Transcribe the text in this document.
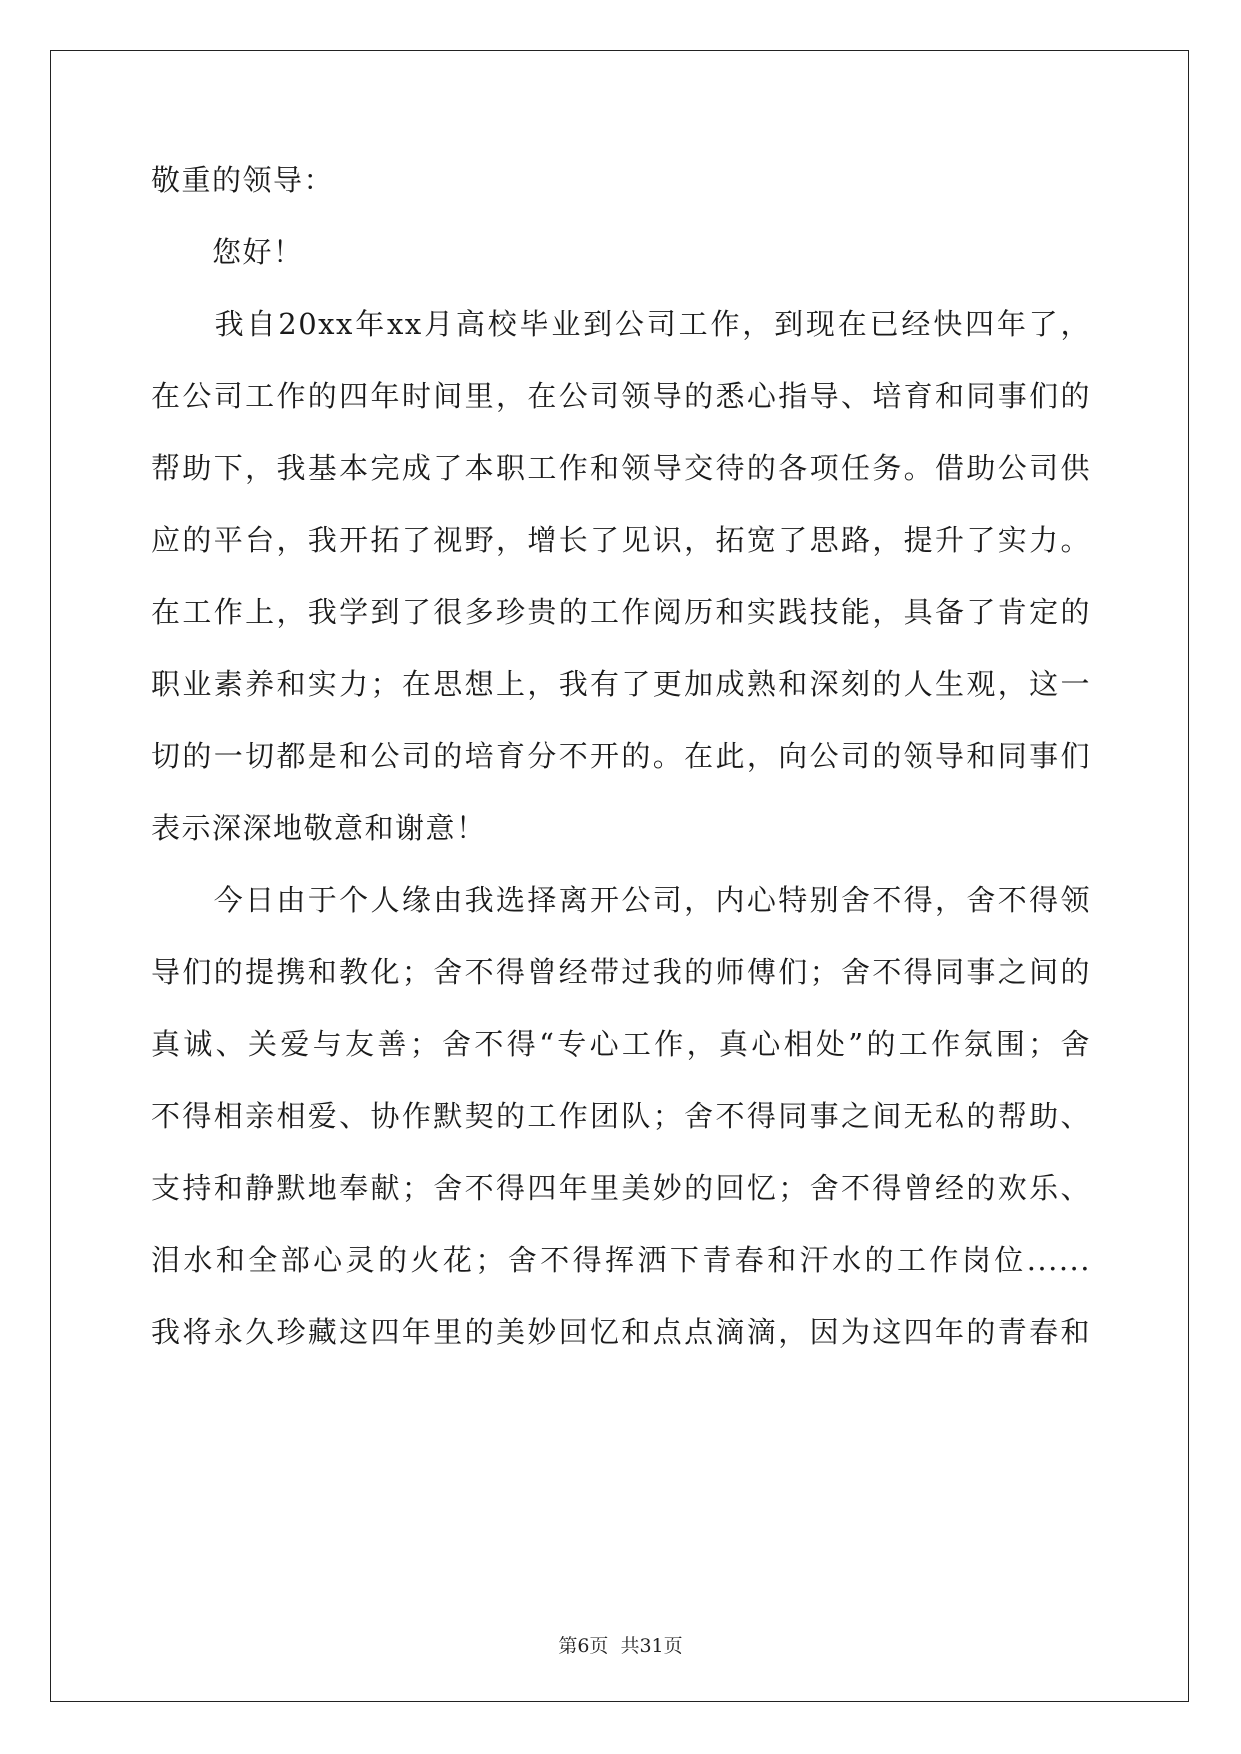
敬重的领导：
　　您好！
　　我自20xx年xx月高校毕业到公司工作，到现在已经快四年了，
在公司工作的四年时间里，在公司领导的悉心指导、培育和同事们的
帮助下，我基本完成了本职工作和领导交待的各项任务。借助公司供
应的平台，我开拓了视野，增长了见识，拓宽了思路，提升了实力。
在工作上，我学到了很多珍贵的工作阅历和实践技能，具备了肯定的
职业素养和实力；在思想上，我有了更加成熟和深刻的人生观，这一
切的一切都是和公司的培育分不开的。在此，向公司的领导和同事们
表示深深地敬意和谢意！
　　今日由于个人缘由我选择离开公司，内心特别舍不得，舍不得领
导们的提携和教化；舍不得曾经带过我的师傅们；舍不得同事之间的
真诚、关爱与友善；舍不得“专心工作，真心相处”的工作氛围；舍
不得相亲相爱、协作默契的工作团队；舍不得同事之间无私的帮助、
支持和静默地奉献；舍不得四年里美妙的回忆；舍不得曾经的欢乐、
泪水和全部心灵的火花；舍不得挥洒下青春和汗水的工作岗位......
我将永久珍藏这四年里的美妙回忆和点点滴滴，因为这四年的青春和
第6页 共31页
